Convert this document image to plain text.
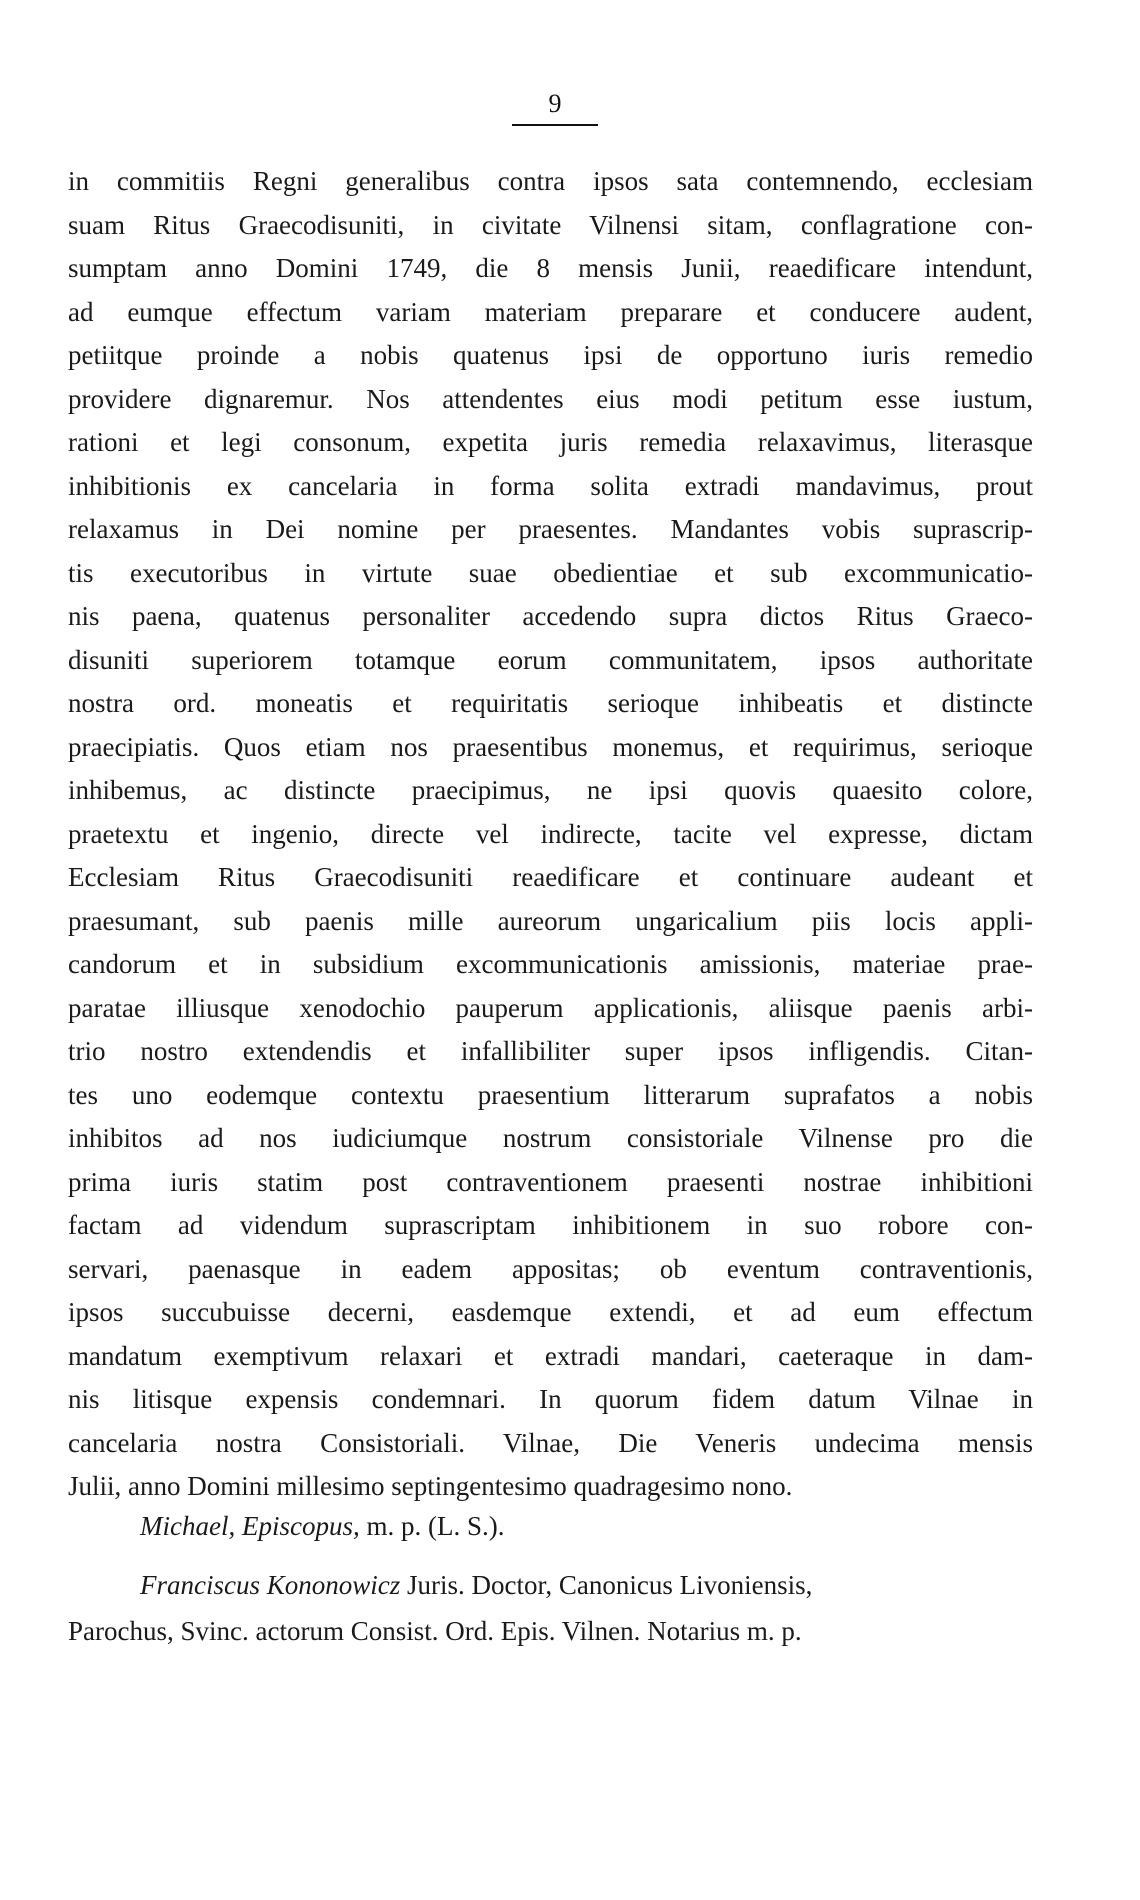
9
in commitiis Regni generalibus contra ipsos sata contemnendo, ecclesiam
suam Ritus Graecodisuniti, in civitate Vilnensi sitam, conflagratione con-
sumptam anno Domini 1749, die 8 mensis Junii, reaedificare intendunt,
ad eumque effectum variam materiam preparare et conducere audent,
petiitque proinde a nobis quatenus ipsi de opportuno iuris remedio
providere dignaremur. Nos attendentes eius modi petitum esse iustum,
rationi et legi consonum, expetita juris remedia relaxavimus, literasque
inhibitionis ex cancelaria in forma solita extradi mandavimus, prout
relaxamus in Dei nomine per praesentes. Mandantes vobis suprascrip-
tis executoribus in virtute suae obedientiae et sub excommunicatio-
nis paena, quatenus personaliter accedendo supra dictos Ritus Graeco-
disuniti superiorem totamque eorum communitatem, ipsos authoritate
nostra ord. moneatis et requiritatis serioque inhibeatis et distincte
praecipiatis. Quos etiam nos praesentibus monemus, et requirimus, serioque
inhibemus, ac distincte praecipimus, ne ipsi quovis quaesito colore,
praetextu et ingenio, directe vel indirecte, tacite vel expresse, dictam
Ecclesiam Ritus Graecodisuniti reaedificare et continuare audeant et
praesumant, sub paenis mille aureorum ungaricalium piis locis appli-
candorum et in subsidium excommunicationis amissionis, materiae prae-
paratae illiusque xenodochio pauperum applicationis, aliisque paenis arbi-
trio nostro extendendis et infallibiliter super ipsos infligendis. Citan-
tes uno eodemque contextu praesentium litterarum suprafatos a nobis
inhibitos ad nos iudiciumque nostrum consistoriale Vilnense pro die
prima iuris statim post contraventionem praesenti nostrae inhibitioni
factam ad videndum suprascriptam inhibitionem in suo robore con-
servari, paenasque in eadem appositas; ob eventum contraventionis,
ipsos succubuisse decerni, easdemque extendi, et ad eum effectum
mandatum exemptivum relaxari et extradi mandari, caeteraque in dam-
nis litisque expensis condemnari. In quorum fidem datum Vilnae in
cancelaria nostra Consistoriali. Vilnae, Die Veneris undecima mensis
Julii, anno Domini millesimo septingentesimo quadragesimo nono.
Michael, Episcopus, m. p. (L. S.).
Franciscus Kononowicz Juris. Doctor, Canonicus Livoniensis,
Parochus, Svinc. actorum Consist. Ord. Epis. Vilnen. Notarius m. p.
